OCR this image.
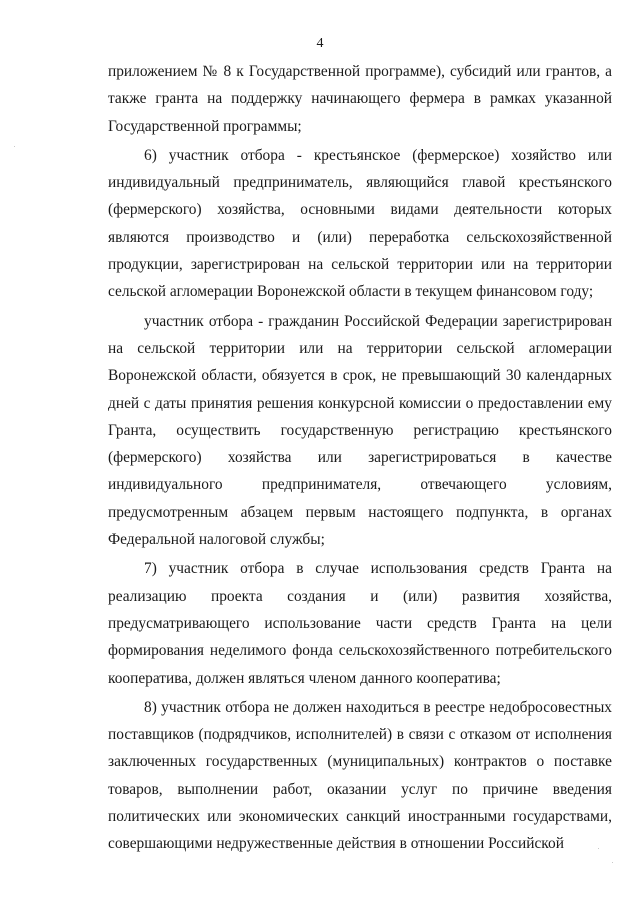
4

приложением № 8 к Государственной программе), субсидий или грантов, а также гранта на поддержку начинающего фермера в рамках указанной Государственной программы;

6) участник отбора - крестьянское (фермерское) хозяйство или индивидуальный предприниматель, являющийся главой крестьянского (фермерского) хозяйства, основными видами деятельности которых являются производство и (или) переработка сельскохозяйственной продукции, зарегистрирован на сельской территории или на территории сельской агломерации Воронежской области в текущем финансовом году;

участник отбора - гражданин Российской Федерации зарегистрирован на сельской территории или на территории сельской агломерации Воронежской области, обязуется в срок, не превышающий 30 календарных дней с даты принятия решения конкурсной комиссии о предоставлении ему Гранта, осуществить государственную регистрацию крестьянского (фермерского) хозяйства или зарегистрироваться в качестве индивидуального предпринимателя, отвечающего условиям, предусмотренным абзацем первым настоящего подпункта, в органах Федеральной налоговой службы;

7) участник отбора в случае использования средств Гранта на реализацию проекта создания и (или) развития хозяйства, предусматривающего использование части средств Гранта на цели формирования неделимого фонда сельскохозяйственного потребительского кооператива, должен являться членом данного кооператива;

8) участник отбора не должен находиться в реестре недобросовестных поставщиков (подрядчиков, исполнителей) в связи с отказом от исполнения заключенных государственных (муниципальных) контрактов о поставке товаров, выполнении работ, оказании услуг по причине введения политических или экономических санкций иностранными государствами, совершающими недружественные действия в отношении Российской
